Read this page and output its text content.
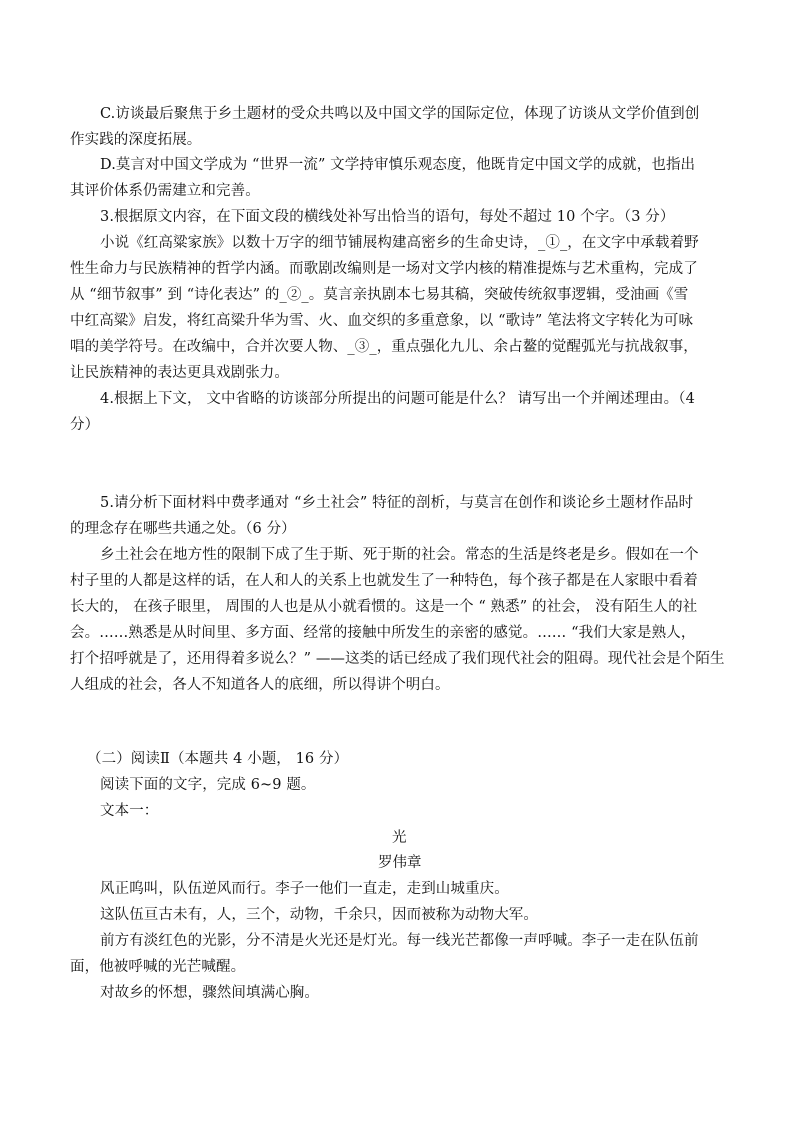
C.访谈最后聚焦于乡土题材的受众共鸣以及中国文学的国际定位，体现了访谈从文学价值到创
作实践的深度拓展。
D.莫言对中国文学成为 “世界一流” 文学持审慎乐观态度，他既肯定中国文学的成就，也指出
其评价体系仍需建立和完善。
3.根据原文内容，在下面文段的横线处补写出恰当的语句，每处不超过 10 个字。（3 分）
小说《红高粱家族》以数十万字的细节铺展构建高密乡的生命史诗，_①_，在文字中承载着野
性生命力与民族精神的哲学内涵。而歌剧改编则是一场对文学内核的精准提炼与艺术重构，完成了
从 “细节叙事” 到 “诗化表达” 的_②_。莫言亲执剧本七易其稿，突破传统叙事逻辑，受油画《雪
中红高粱》启发，将红高粱升华为雪、火、血交织的多重意象，以 “歌诗” 笔法将文字转化为可咏
唱的美学符号。在改编中，合并次要人物、_③_，重点强化九儿、余占鳌的觉醒弧光与抗战叙事，
让民族精神的表达更具戏剧张力。
4.根据上下文， 文中省略的访谈部分所提出的问题可能是什么？ 请写出一个并阐述理由。（4
分）
5.请分析下面材料中费孝通对 “乡土社会” 特征的剖析，与莫言在创作和谈论乡土题材作品时
的理念存在哪些共通之处。（6 分）
乡土社会在地方性的限制下成了生于斯、死于斯的社会。常态的生活是终老是乡。假如在一个
村子里的人都是这样的话，在人和人的关系上也就发生了一种特色，每个孩子都是在人家眼中看着
长大的， 在孩子眼里， 周围的人也是从小就看惯的。这是一个 “ 熟悉” 的社会， 没有陌生人的社
会。……熟悉是从时间里、多方面、经常的接触中所发生的亲密的感觉。…… “我们大家是熟人，
打个招呼就是了，还用得着多说么？” ——这类的话已经成了我们现代社会的阻碍。现代社会是个陌生
人组成的社会，各人不知道各人的底细，所以得讲个明白。
（二）阅读Ⅱ（本题共 4 小题， 16 分）
阅读下面的文字，完成 6~9 题。
文本一：
光
罗伟章
风正呜叫，队伍逆风而行。李子一他们一直走，走到山城重庆。
这队伍亘古未有，人，三个，动物，千余只，因而被称为动物大军。
前方有淡红色的光影，分不清是火光还是灯光。每一线光芒都像一声呼喊。李子一走在队伍前
面，他被呼喊的光芒喊醒。
对故乡的怀想，骤然间填满心胸。
